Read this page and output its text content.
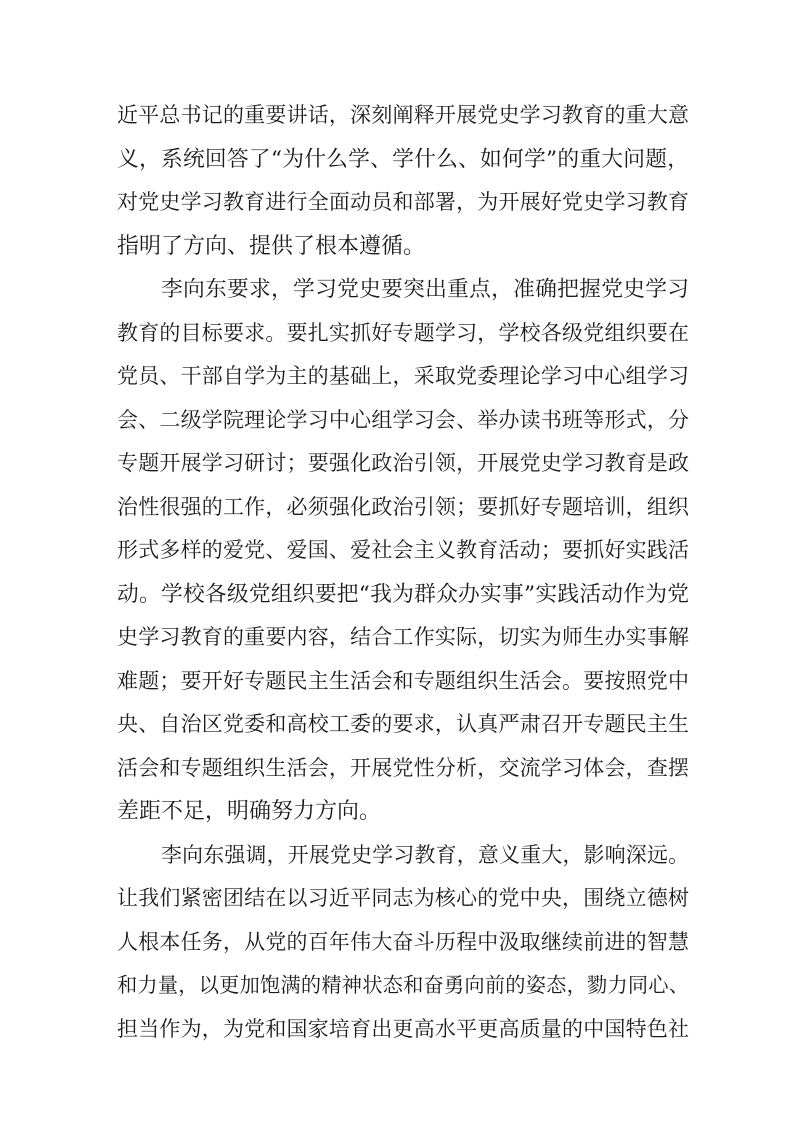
近平总书记的重要讲话，深刻阐释开展党史学习教育的重大意
义，系统回答了“为什么学、学什么、如何学”的重大问题，
对党史学习教育进行全面动员和部署，为开展好党史学习教育
指明了方向、提供了根本遵循。
李向东要求，学习党史要突出重点，准确把握党史学习
教育的目标要求。要扎实抓好专题学习，学校各级党组织要在
党员、干部自学为主的基础上，采取党委理论学习中心组学习
会、二级学院理论学习中心组学习会、举办读书班等形式，分
专题开展学习研讨；要强化政治引领，开展党史学习教育是政
治性很强的工作，必须强化政治引领；要抓好专题培训，组织
形式多样的爱党、爱国、爱社会主义教育活动；要抓好实践活
动。学校各级党组织要把“我为群众办实事”实践活动作为党
史学习教育的重要内容，结合工作实际，切实为师生办实事解
难题；要开好专题民主生活会和专题组织生活会。要按照党中
央、自治区党委和高校工委的要求，认真严肃召开专题民主生
活会和专题组织生活会，开展党性分析，交流学习体会，查摆
差距不足，明确努力方向。
李向东强调，开展党史学习教育，意义重大，影响深远。
让我们紧密团结在以习近平同志为核心的党中央，围绕立德树
人根本任务，从党的百年伟大奋斗历程中汲取继续前进的智慧
和力量，以更加饱满的精神状态和奋勇向前的姿态，勠力同心、
担当作为，为党和国家培育出更高水平更高质量的中国特色社
